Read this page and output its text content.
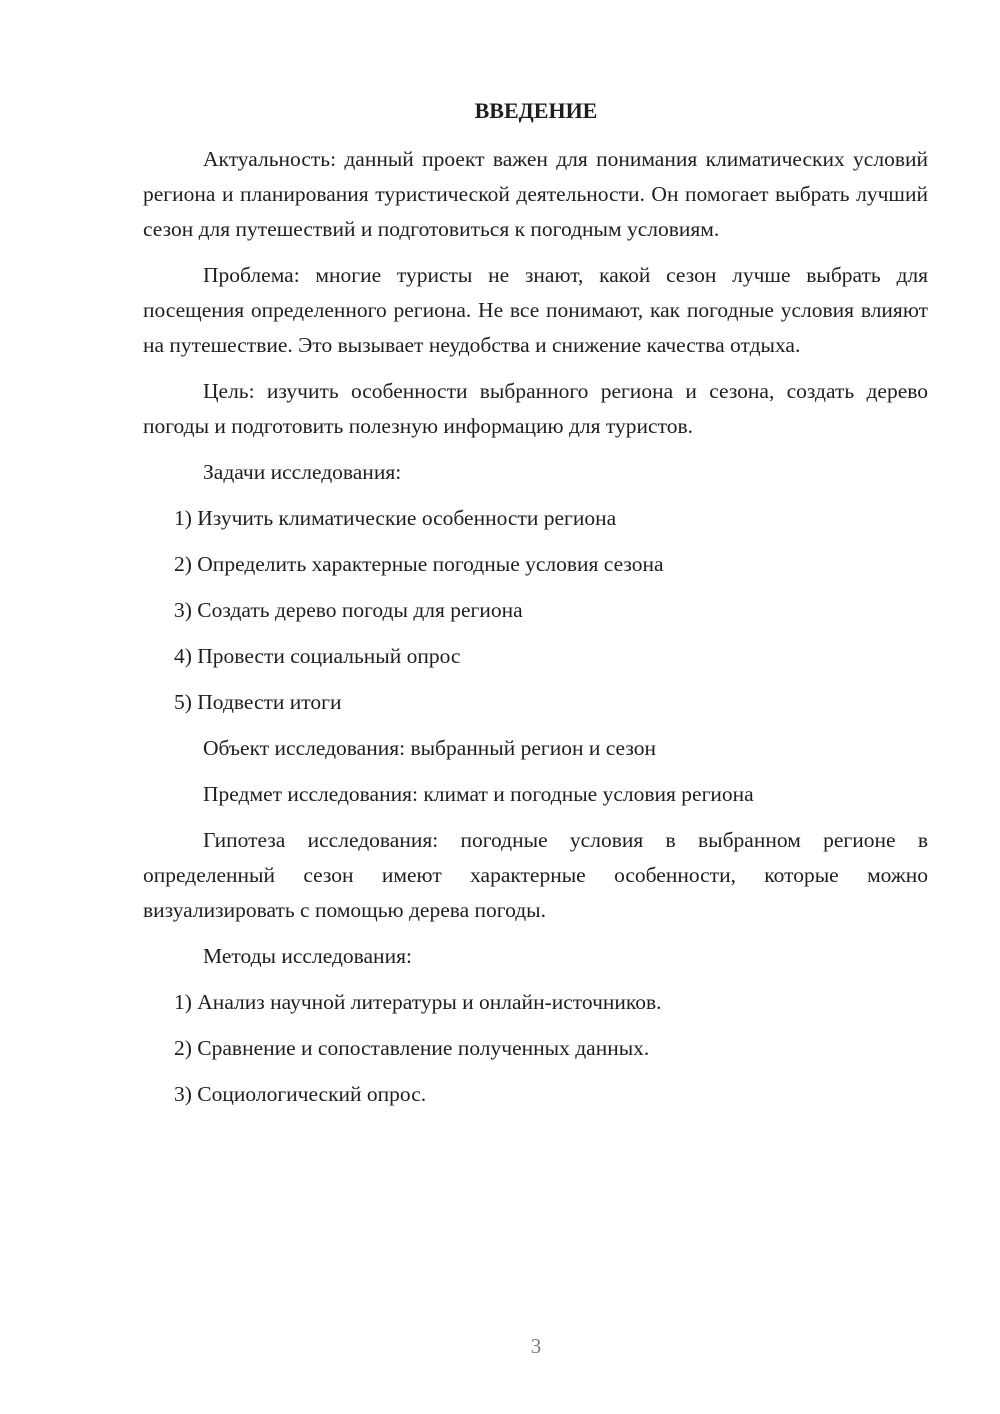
ВВЕДЕНИЕ

Актуальность: данный проект важен для понимания климатических условий региона и планирования туристической деятельности. Он помогает выбрать лучший сезон для путешествий и подготовиться к погодным условиям.

Проблема: многие туристы не знают, какой сезон лучше выбрать для посещения определенного региона. Не все понимают, как погодные условия влияют на путешествие. Это вызывает неудобства и снижение качества отдыха.

Цель: изучить особенности выбранного региона и сезона, создать дерево погоды и подготовить полезную информацию для туристов.

Задачи исследования:

1) Изучить климатические особенности региона

2) Определить характерные погодные условия сезона

3) Создать дерево погоды для региона

4) Провести социальный опрос

5) Подвести итоги

Объект исследования: выбранный регион и сезон

Предмет исследования: климат и погодные условия региона

Гипотеза исследования: погодные условия в выбранном регионе в определенный сезон имеют характерные особенности, которые можно визуализировать с помощью дерева погоды.

Методы исследования:

1) Анализ научной литературы и онлайн-источников.

2) Сравнение и сопоставление полученных данных.

3) Социологический опрос.

3
